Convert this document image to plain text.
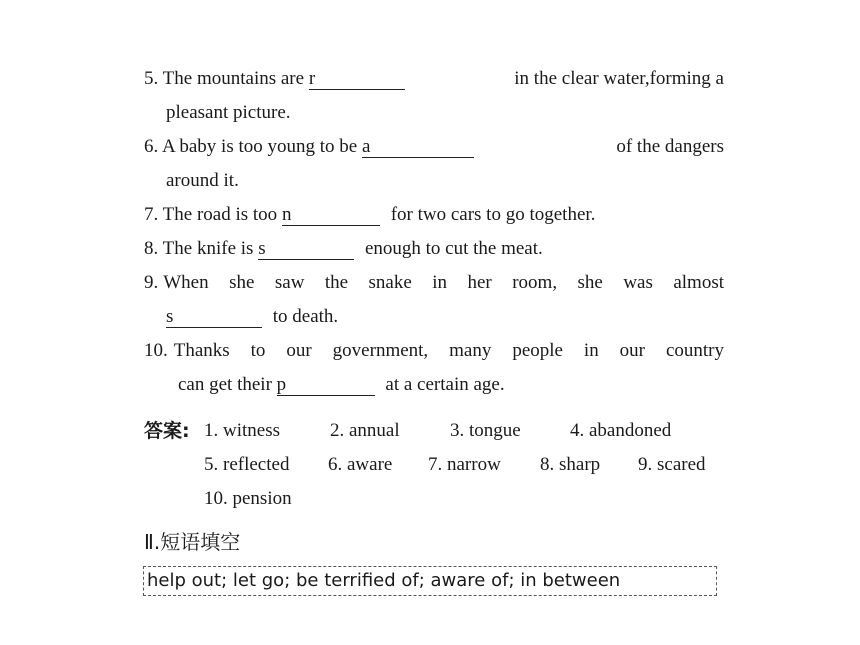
5. The mountains are r	in the clear water,forming a
pleasant picture.
6. A baby is too young to be a	of the dangers
around it.
7. The road is too n	for two cars to go together.
8. The knife is s	enough to cut the meat.
9. When she saw the snake in her room, she was almost
s	to death.
10. Thanks to our government, many people in our country
can get their p	at a certain age.
答案: 1. witness	2. annual	3. tongue	4. abandoned
5. reflected 6. aware 7. narrow 8. sharp 9. scared
10. pension
Ⅱ.短语填空
help out; let go; be terrified of; aware of; in between
